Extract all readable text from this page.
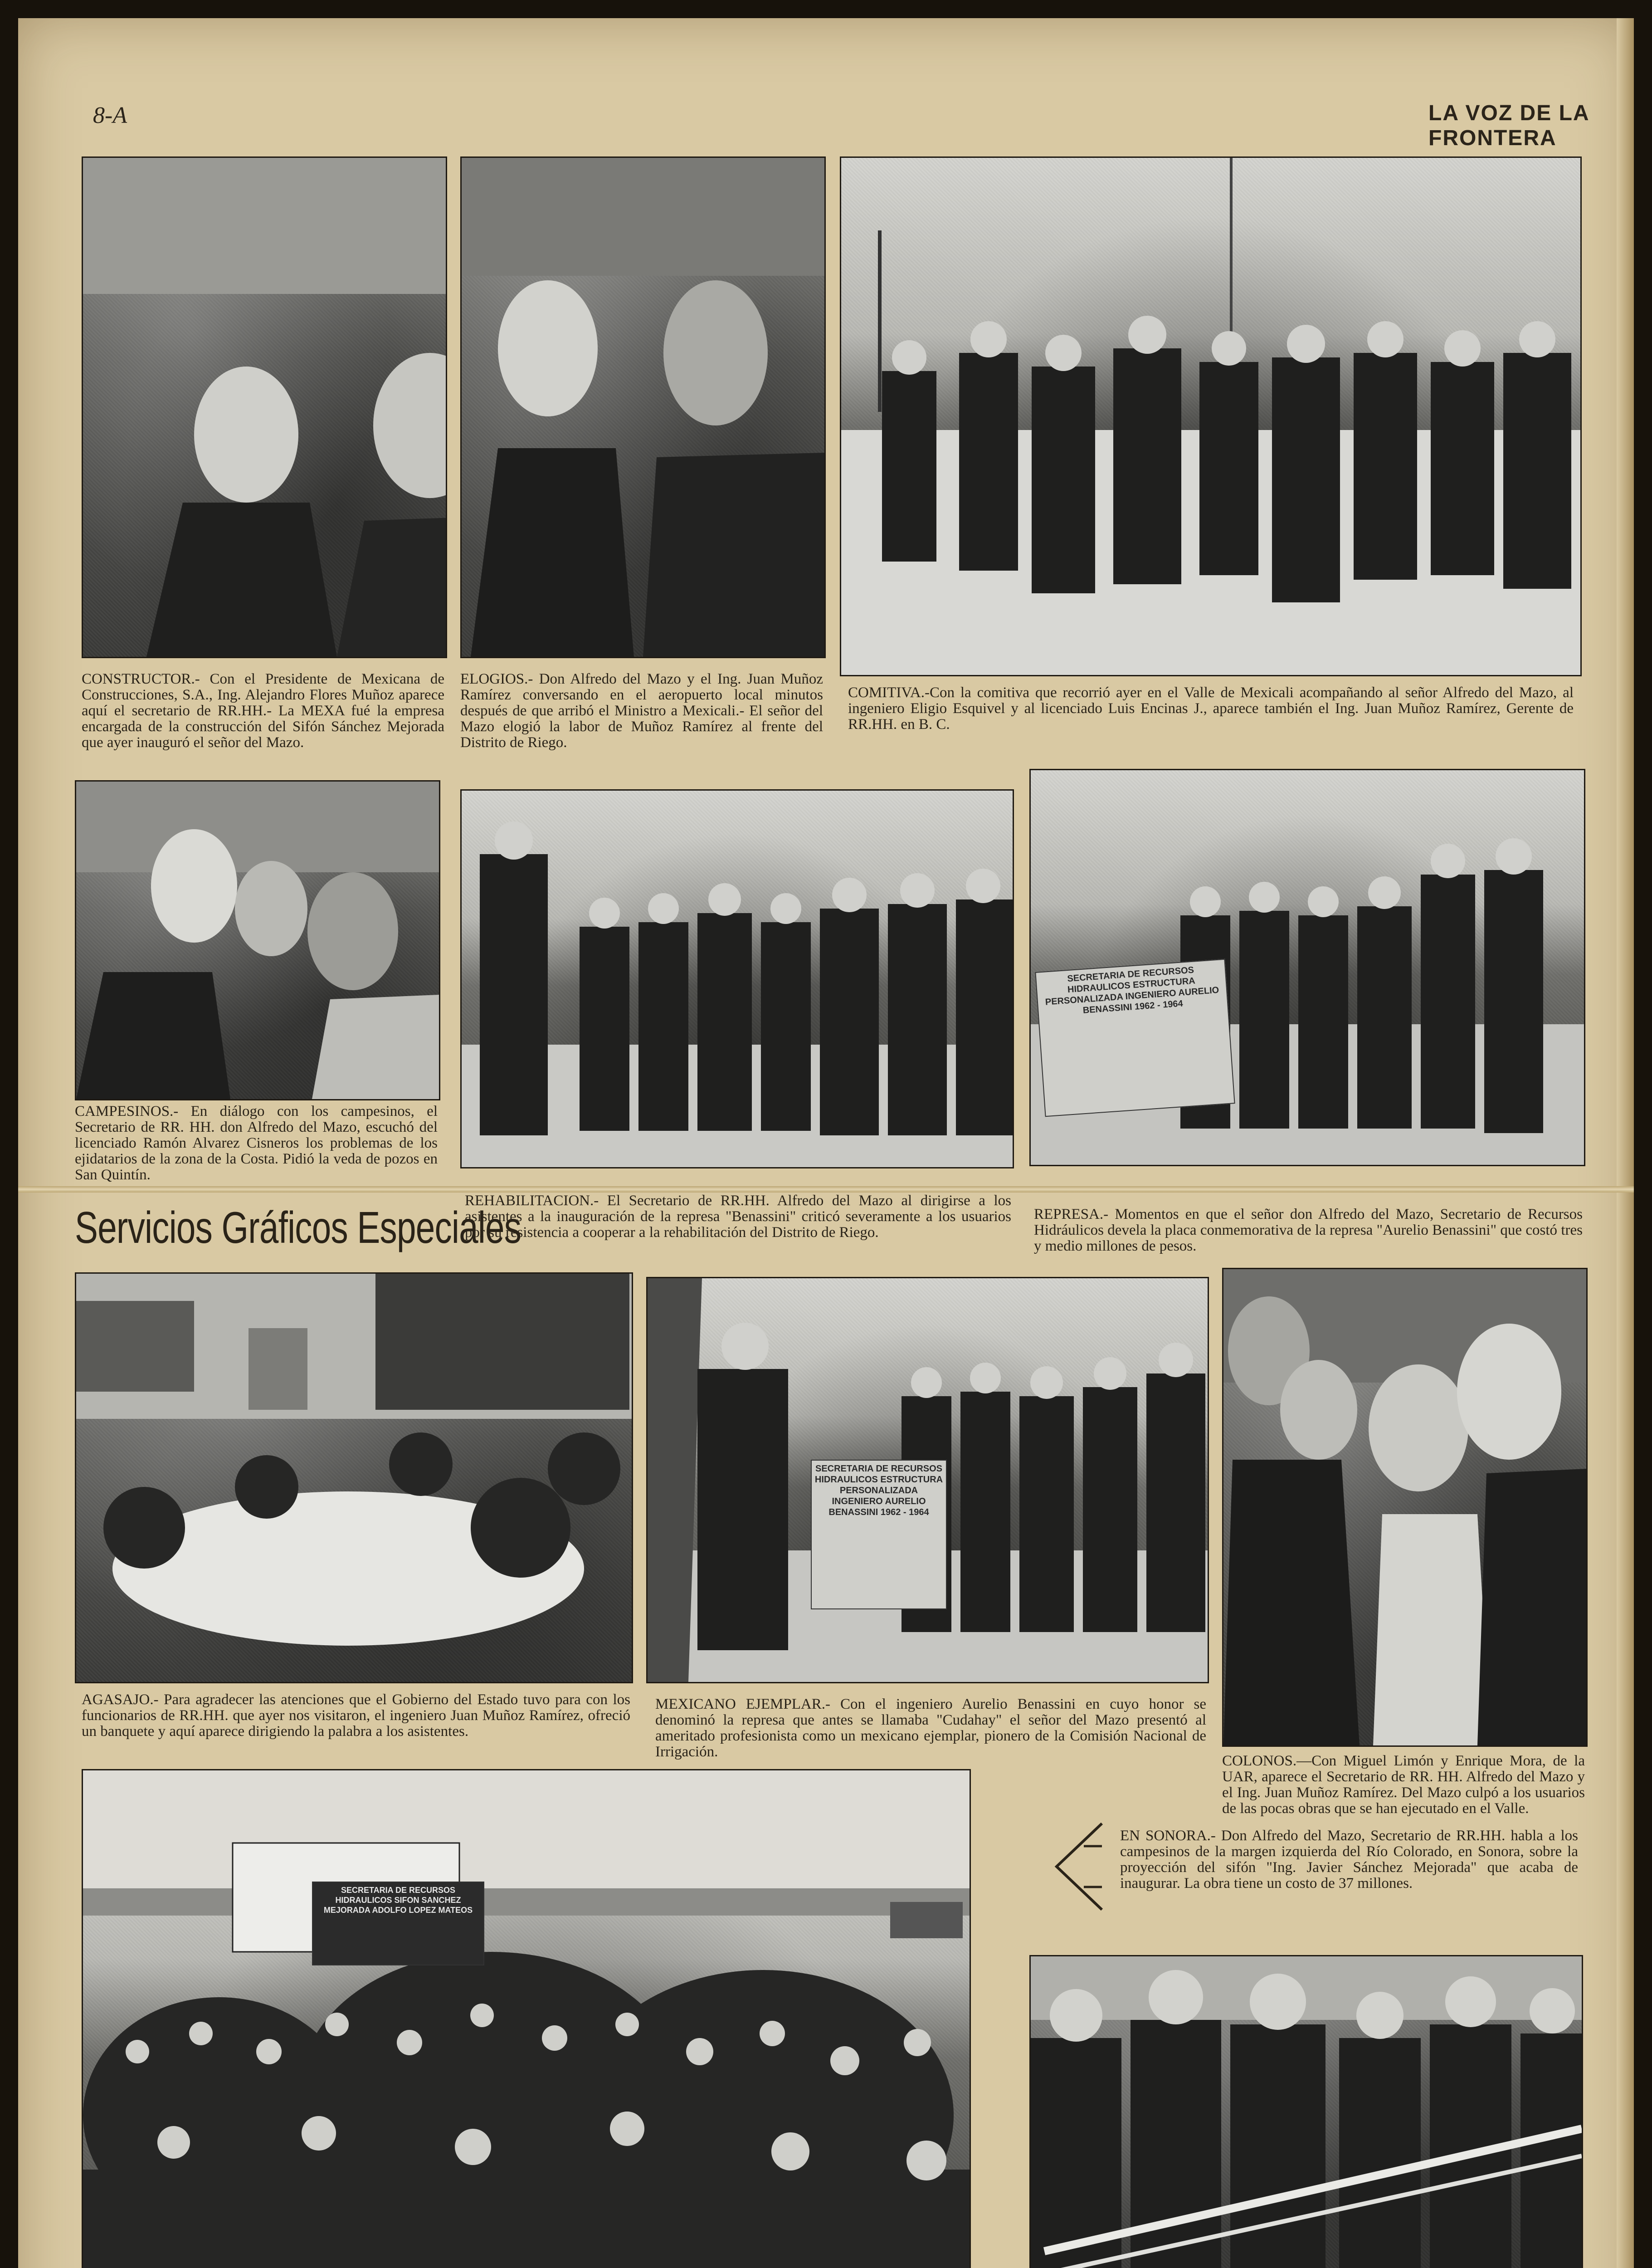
8-A	LA VOZ DE LA FRONTERA

CONSTRUCTOR.- Con el Presidente de Mexicana de Construcciones, S.A., Ing. Alejandro Flores Muñoz aparece aquí el secretario de RR.HH.- La MEXA fué la empresa encargada de la construcción del Sifón Sánchez Mejorada que ayer inauguró el señor del Mazo.

ELOGIOS.- Don Alfredo del Mazo y el Ing. Juan Muñoz Ramírez conversando en el aeropuerto local minutos después de que arribó el Ministro a Mexicali.- El señor del Mazo elogió la labor de Muñoz Ramírez al frente del Distrito de Riego.

COMITIVA.-Con la comitiva que recorrió ayer en el Valle de Mexicali acompañando al señor Alfredo del Mazo, al ingeniero Eligio Esquivel y al licenciado Luis Encinas J., aparece también el Ing. Juan Muñoz Ramírez, Gerente de RR.HH. en B. C.

SECRETARIA DE RECURSOS HIDRAULICOS ESTRUCTURA PERSONALIZADA INGENIERO AURELIO BENASSINI 1962 - 1964

CAMPESINOS.- En diálogo con los campesinos, el Secretario de RR. HH. don Alfredo del Mazo, escuchó del licenciado Ramón Alvarez Cisneros los problemas de los ejidatarios de la zona de la Costa. Pidió la veda de pozos en San Quintín.

REHABILITACION.- El Secretario de RR.HH. Alfredo del Mazo al dirigirse a los asistentes a la inauguración de la represa "Benassini" criticó severamente a los usuarios por su resistencia a cooperar a la rehabilitación del Distrito de Riego.

REPRESA.- Momentos en que el señor don Alfredo del Mazo, Secretario de Recursos Hidráulicos devela la placa conmemorativa de la represa "Aurelio Benassini" que costó tres y medio millones de pesos.

Servicios Gráficos Especiales
SECRETARIA DE RECURSOS HIDRAULICOS ESTRUCTURA PERSONALIZADA INGENIERO AURELIO BENASSINI 1962 - 1964

AGASAJO.- Para agradecer las atenciones que el Gobierno del Estado tuvo para con los funcionarios de RR.HH. que ayer nos visitaron, el ingeniero Juan Muñoz Ramírez, ofreció un banquete y aquí aparece dirigiendo la palabra a los asistentes.

MEXICANO EJEMPLAR.- Con el ingeniero Aurelio Benassini en cuyo honor se denominó la represa que antes se llamaba "Cudahay" el señor del Mazo presentó al ameritado profesionista como un mexicano ejemplar, pionero de la Comisión Nacional de Irrigación.

COLONOS.—Con Miguel Limón y Enrique Mora, de la UAR, aparece el Secretario de RR. HH. Alfredo del Mazo y el Ing. Juan Muñoz Ramírez. Del Mazo culpó a los usuarios de las pocas obras que se han ejecutado en el Valle.

EN SONORA.- Don Alfredo del Mazo, Secretario de RR.HH. habla a los campesinos de la margen izquierda del Río Colorado, en Sonora, sobre la proyección del sifón "Ing. Javier Sánchez Mejorada" que acaba de inaugurar. La obra tiene un costo de 37 millones.

SECRETARIA DE RECURSOS HIDRAULICOS SIFON SANCHEZ MEJORADA ADOLFO LOPEZ MATEOS
